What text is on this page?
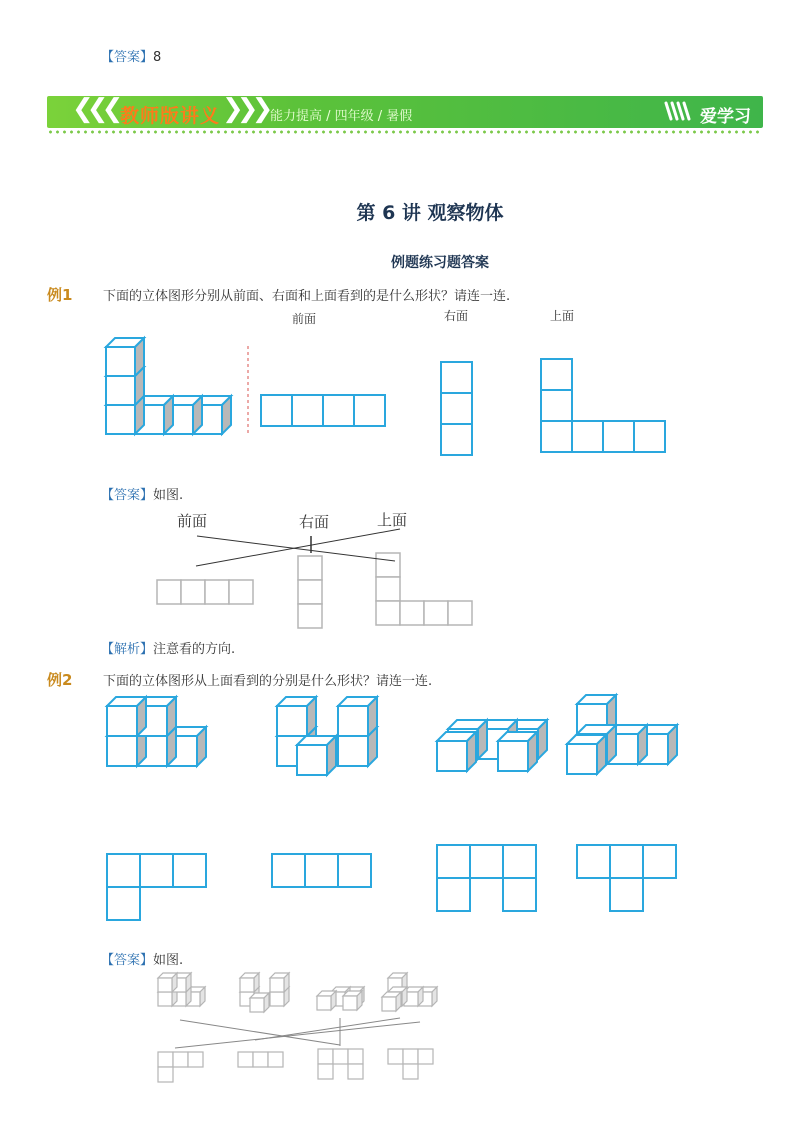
【答案】8
❮❮❮	❯❯❯
教师版讲义	能力提高 / 四年级 / 暑假	爱学习
第 6 讲 观察物体
例题练习题答案
例1 下面的立体图形分别从前面、右面和上面看到的是什么形状？请连一连.
前面	右面	上面
【答案】如图.
前面	右面	上面
【解析】注意看的方向.
例2 下面的立体图形从上面看到的分别是什么形状？请连一连.
【答案】如图.
